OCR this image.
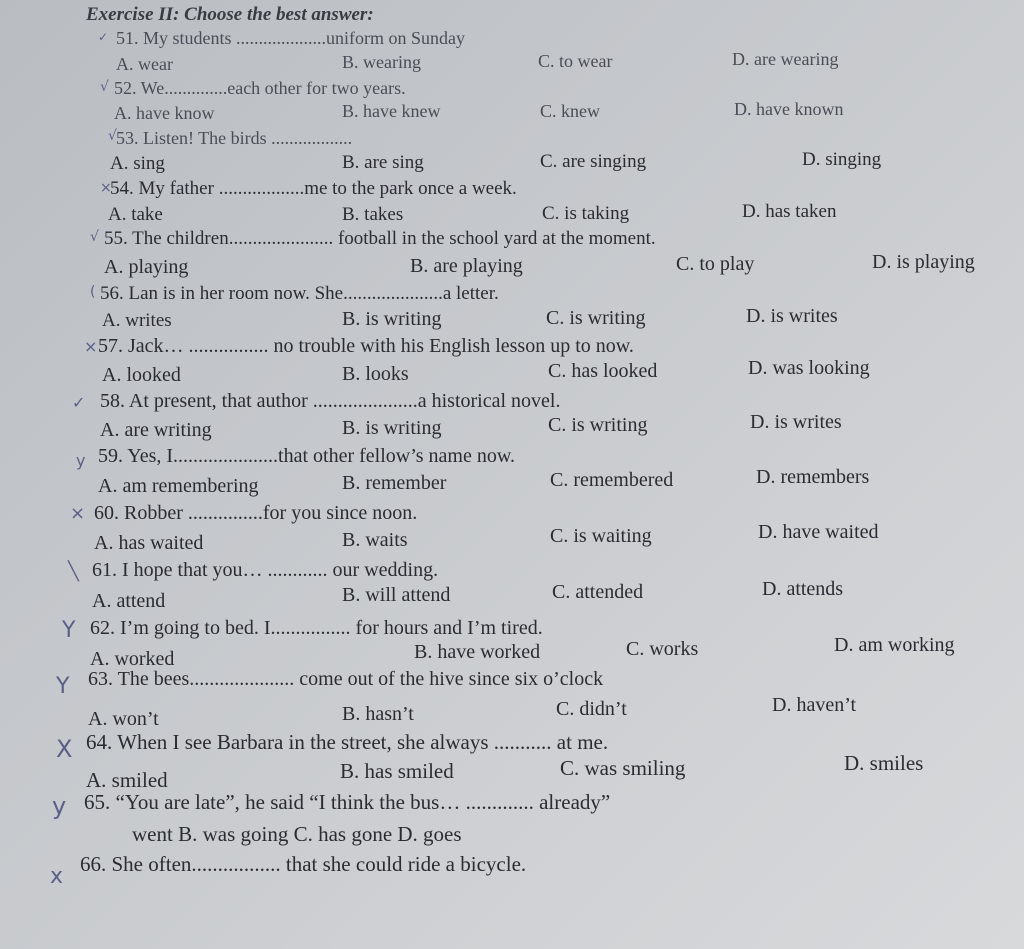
Exercise II: Choose the best answer:
✓
√
√
×
√
(
×
✓
y
×
╲
Y
Y
X
y
x
51. My students ....................uniform on Sunday
A. wear	B. wearing	C. to wear	D. are wearing
52. We..............each other for two years.
A. have know	B. have knew	C. knew	D. have known
53. Listen! The birds ..................
A. sing	B. are sing	C. are singing	D. singing
54. My father ..................me to the park once a week.
A. take	B. takes	C. is taking	D. has taken
55. The children...................... football in the school yard at the moment.
A. playing	B. are playing	C. to play	D. is playing
56. Lan is in her room now. She.....................a letter.
A. writes	B. is writing	C. is writing	D. is writes
57. Jack… ................ no trouble with his English lesson up to now.
A. looked	B. looks	C. has looked	D. was looking
58. At present, that author .....................a historical novel.
A. are writing	B. is writing	C. is writing	D. is writes
59. Yes, I.....................that other fellow’s name now.
A. am remembering	B. remember	C. remembered	D. remembers
60. Robber ...............for you since noon.
A. has waited	B. waits	C. is waiting	D. have waited
61. I hope that you… ............ our wedding.
A. attend	B. will attend	C. attended	D. attends
62. I’m going to bed. I................ for hours and I’m tired.
A. worked	B. have worked	C. works	D. am working
63. The bees..................... come out of the hive since six o’clock
A. won’t	B. hasn’t	C. didn’t	D. haven’t
64. When I see Barbara in the street, she always ........... at me.
A. smiled	B. has smiled	C. was smiling	D. smiles
65. “You are late”, he said “I think the bus… ............. already”
went B. was going C. has gone D. goes
66. She often................. that she could ride a bicycle.
